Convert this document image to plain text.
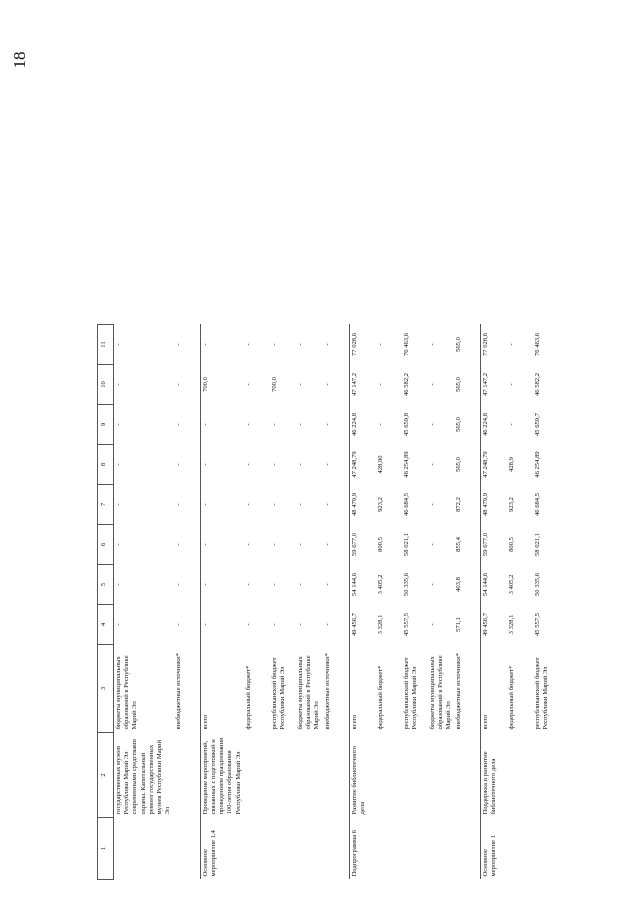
18
1	2	3	4	5	6	7	8	9	10	11
	государственных музеев Республики Марий Эл современными средствами охраны. Капитальный ремонт государственных музеев Республики Марий Эл	бюджеты муниципальных образований в Республике Марий Эл	-	-	-	-	-	-	-	-
		внебюджетные источники*	-	-	-	-	-	-	-	-
Основное мероприятие 1.4	Проведение мероприятий, связанных с подготовкой и проведением празднования 100-летия образования Республики Марий Эл	всего	-	-	-	-	-	-	700,0	-
		федеральный бюджет*	-	-	-	-	-	-	-	-
		республиканский бюджет Республики Марий Эл	-	-	-	-	-	-	700,0	-
		бюджеты муниципальных образований в Республике Марий Эл	-	-	-	-	-	-	-	-
		внебюджетные источники*	-	-	-	-	-	-	-	-
Подпрограмма 6	Развитие библиотечного дела	всего	49 456,7	54 144,6	59 677,0	48 479,9	47 248,79	46 224,8	47 147,2	77 028,6
		федеральный бюджет*	3 328,1	3 405,2	800,5	923,2	428,90	-	-	-
		республиканский бюджет Республики Марий Эл	45 557,5	50 335,6	58 021,1	46 684,5	46 254,89	45 659,8	46 582,2	76 463,6
		бюджеты муниципальных образований в Республике Марий Эл	-	-	-	-	-	-	-	-
		внебюджетные источники*	571,1	403,8	855,4	872,2	565,0	565,0	565,0	565,0
Основное мероприятие 1	Поддержка и развитие библиотечного дела	всего	49 456,7	54 144,6	59 677,0	48 479,9	47 248,79	46 224,8	47 147,2	77 028,6
		федеральный бюджет*	3 328,1	3 405,2	800,5	923,2	428,9	-	-	-
		республиканский бюджет Республики Марий Эл	45 557,5	50 335,6	58 021,1	46 684,5	46 254,89	45 659,7	46 582,2	76 463,6
